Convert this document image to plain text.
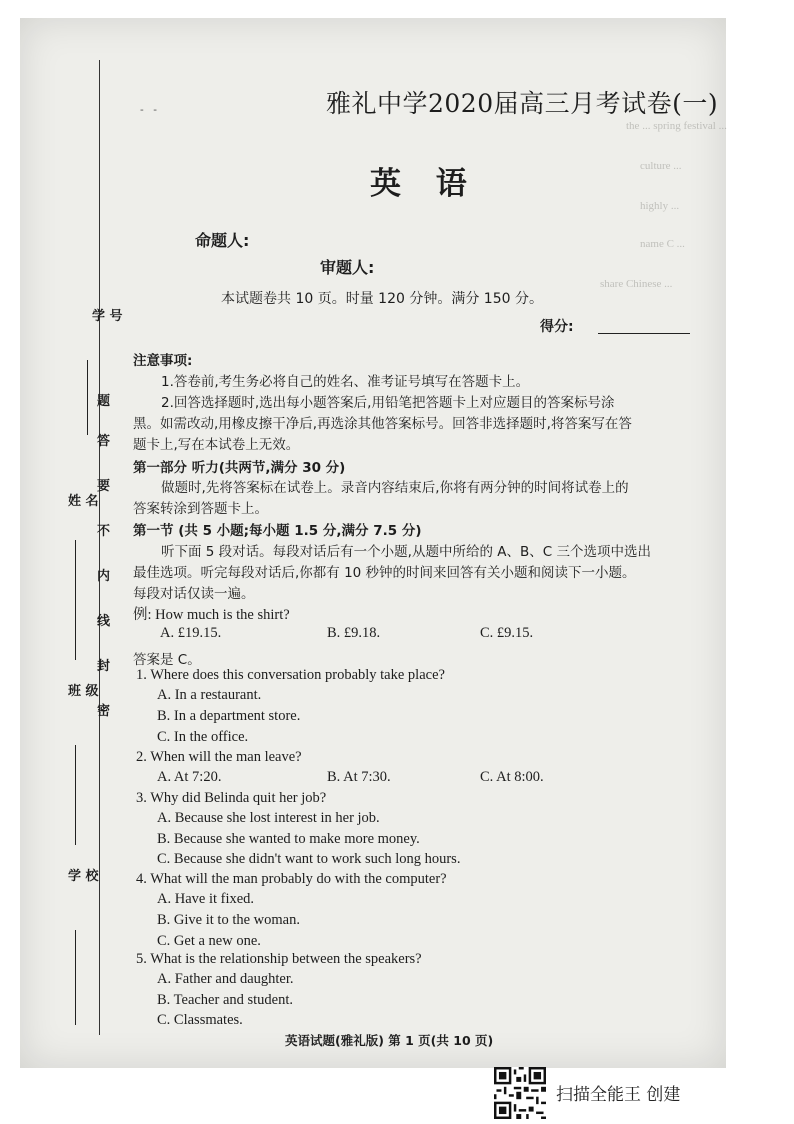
the ... spring festival ...
culture ...
highly ...
name C ...
share Chinese ...
学 号
姓 名
班 级
学 校
题
答
要
不
内
线
封
密
- -	雅礼中学2020届高三月考试卷(一)
英 语
命题人:
审题人:
本试题卷共 10 页。时量 120 分钟。满分 150 分。
得分:
注意事项:
1.答卷前,考生务必将自己的姓名、准考证号填写在答题卡上。
2.回答选择题时,选出每小题答案后,用铅笔把答题卡上对应题目的答案标号涂
黑。如需改动,用橡皮擦干净后,再选涂其他答案标号。回答非选择题时,将答案写在答
题卡上,写在本试卷上无效。
第一部分 听力(共两节,满分 30 分)
做题时,先将答案标在试卷上。录音内容结束后,你将有两分钟的时间将试卷上的
答案转涂到答题卡上。
第一节 (共 5 小题;每小题 1.5 分,满分 7.5 分)
听下面 5 段对话。每段对话后有一个小题,从题中所给的 A、B、C 三个选项中选出
最佳选项。听完每段对话后,你都有 10 秒钟的时间来回答有关小题和阅读下一小题。
每段对话仅读一遍。
例: How much is the shirt?
A. £19.15.	B. £9.18.	C. £9.15.
答案是 C。
1. Where does this conversation probably take place?
A. In a restaurant.
B. In a department store.
C. In the office.
2. When will the man leave?
A. At 7:20.	B. At 7:30.	C. At 8:00.
3. Why did Belinda quit her job?
A. Because she lost interest in her job.
B. Because she wanted to make more money.
C. Because she didn't want to work such long hours.
4. What will the man probably do with the computer?
A. Have it fixed.
B. Give it to the woman.
C. Get a new one.
5. What is the relationship between the speakers?
A. Father and daughter.
B. Teacher and student.
C. Classmates.
英语试题(雅礼版) 第 1 页(共 10 页)
扫描全能王 创建
